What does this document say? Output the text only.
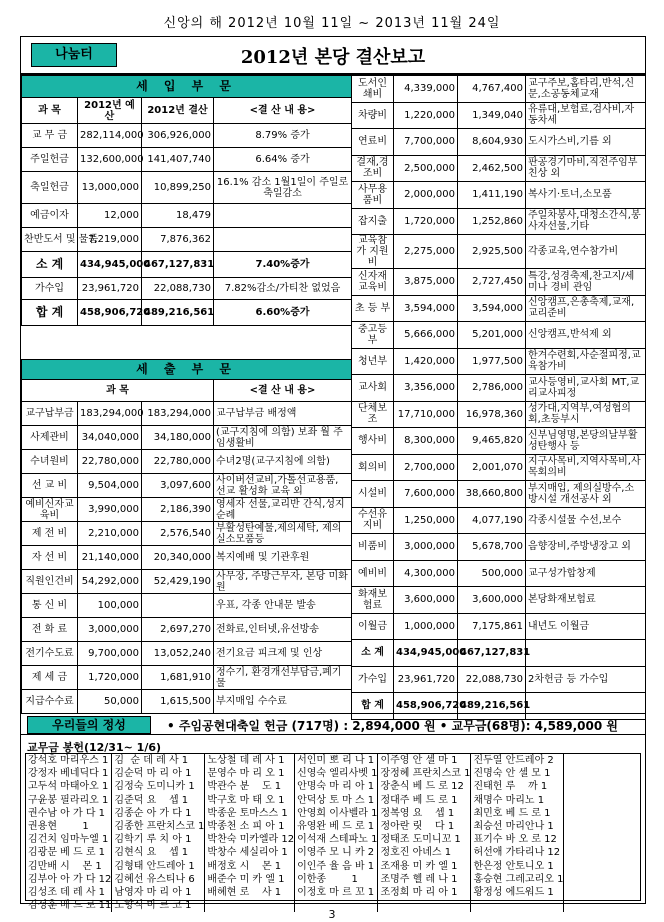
신앙의 해 2012년 10월 11일 ~ 2013년 11월 24일
나눔터	2012년 본당 결산보고
세 입 부 문			
과 목	2012년 예산	2012년 결산	<결 산 내 용>
교 무 금	282,114,000	306,926,000	8.79% 증가
주일헌금	132,600,000	141,407,740	6.64% 증가
축일헌금	13,000,000	10,899,250	16.1% 감소 1월1일이 주일로 축일감소
예금이자	12,000	18,479	
찬반도서 및 물품	7,219,000	7,876,362	
소 계	434,945,000	467,127,831	7.40%증가
가수입	23,961,720	22,088,730	7.82%감소/가티찬 없었음
합 계	458,906,720	489,216,561	6.60%증가
세 출 부 문			
과 목			<결 산 내 용>
교구납부금	183,294,000	183,294,000	교구납부금 배정액
사제관비	34,040,000	34,180,000	(교구지침에 의함) 보좌 월 주임생활비
수녀원비	22,780,000	22,780,000	수녀2명(교구지침에 의함)
선 교 비	9,504,000	3,097,600	사이버선교비,가톨선교용품, 선교 활성화 교육 외
예비신자교육비	3,990,000	2,186,390	영세자 선물,교리반 간식,성지순례
제 전 비	2,210,000	2,576,540	부활성탄예물,제의세탁, 제의실소모품등
자 선 비	21,140,000	20,340,000	복지예배 및 기관후원
직원인건비	54,292,000	52,429,190	사무장, 주방근무자, 본당 미화원
통 신 비	100,000		우표, 각종 안내문 발송
전 화 료	3,000,000	2,697,270	전화료,인터넷,유선방송
전기수도료	9,700,000	13,052,240	전기요금 피크제 및 인상
제 세 금	1,720,000	1,681,910	정수기, 환경개선부담금,폐기물
지급수수료	50,000	1,615,500	부지매입 수수료
도서인쇄비	4,339,000	4,767,400	교구주보,홈타리,반석,신문,소공동체교재
차량비	1,220,000	1,349,040	유류대,보험료,검사비,자동차세
연료비	7,700,000	8,604,930	도시가스비,기름 외
결재,경조비	2,500,000	2,462,500	판공경기마비,직전주임부친상 외
사무용품비	2,000,000	1,411,190	복사기·토너,소모품
잡지출	1,720,000	1,252,860	주일차봉사,대청소간식,봉사자선물,기타
교육참가 지원비	2,275,000	2,925,500	각종교육,연수참가비
신자재 교육비	3,875,000	2,727,450	특강,성경축제,찬고지/세미나 경비 관임
초 등 부	3,594,000	3,594,000	신앙캠프,은총축제,교재,교리준비
중고등부	5,666,000	5,201,000	신앙캠프,반석제 외
청년부	1,420,000	1,977,500	한겨수련회,사순절피정,교육참가비
교사회	3,356,000	2,786,000	교사등영비,교사회 MT,교리교사피정
단체보조	17,710,000	16,978,360	성가대,지역부,여성협의회,초등부시
행사비	8,300,000	9,465,820	신부님영명,본당의날부활성탄행사 등
회의비	2,700,000	2,001,070	지구사목비,지역사목비,사목회의비
시설비	7,600,000	38,660,800	부지매입, 제의실방수,소방시설 개선공사 외
수선유지비	1,250,000	4,077,190	각종시설물 수선,보수
비품비	3,000,000	5,678,700	음향장비,주방냉장고 외
예비비	4,300,000	500,000	교구성가합창제
화재보험료	3,600,000	3,600,000	본당화재보험료
이월금	1,000,000	7,175,861	내년도 이월금
소 계	434,945,000	467,127,831	
가수입	23,961,720	22,088,730	2차헌금 등 가수입
합 계	458,906,720	489,216,561	
우리들의 정성	• 주임공현대축일 헌금 (717명) : 2,894,000 원 • 교무금(68명): 4,589,000 원
교무금 봉헌(12/31~ 1/6)
강석호 마리우스 1
강정자 베네딕다 1
고두석 마태아오 1
구윤봉 필라리오 1
권수남 아 가 다 1
권용현        1
김건치 임마누엘 1
김광문 베 드 로 1
김만배 시    몬 1
김부아 아 가 다 12
김성조 데 레 사 1
김성훈 베 드 로 11
김  순 데 레 사 1
김순덕 마 리 아 1
김정숙 도미니카 1
김준덕 요    셉 1
김종순 아 가 다 1
김종한 프란치스코 1
김학기 루 치 아 1
김현식 요    셉 1
김형태 안드레아 1
김혜선 유스티나 6
남영자 마 리 아 1
노향식 마 르 코 1
노상철 데 레 사 1
문영수 마 리 오 1
박관수 분    도 1
박구호 마 태 오 1
박종운 토마스스 1
박종천 소 피 아 1
박찬숙 미카엘라 12
박창수 세실리아 1
배정호 시    몬 1
배준수 미 카 엘 1
배혜현 로    사 1
서인미 뽀 리 나 1
신영숙 엘리사벳 1
안명숙 마 리 아 1
안덕상 토 마 스 1
안영희 이사벨라 1
유영완 베 드 로 1
이석재 스테파노 1
이영주 모 니 카 2
이인주 율 음 바 1
이한종        1
이정호 마 르 꼬 1
이주영 안 셀 마 1
장정혜 프란치스코 1
장춘식 베 드 로 12
정대주 베 드 로 1
정복영 요    셉 1
정아란 릿    다 1
정태조 도미니꼬 1
정호진 아녜스 1
조재용 미 카 엘 1
조명주 헬 레 나 1
조정희 마 리 아 1
진두열 안드레아 2
진명숙 안 셀 모 1
진태헌 루    까 1
채명수 마리노 1
최민호 베 드 로 1
최승선 마리안나 1
표기수 바 오 로 12
허선애 가타리나 12
한은정 안토니오 1
홍승현 그레고리오 1
황정성 에드워드 1
3
